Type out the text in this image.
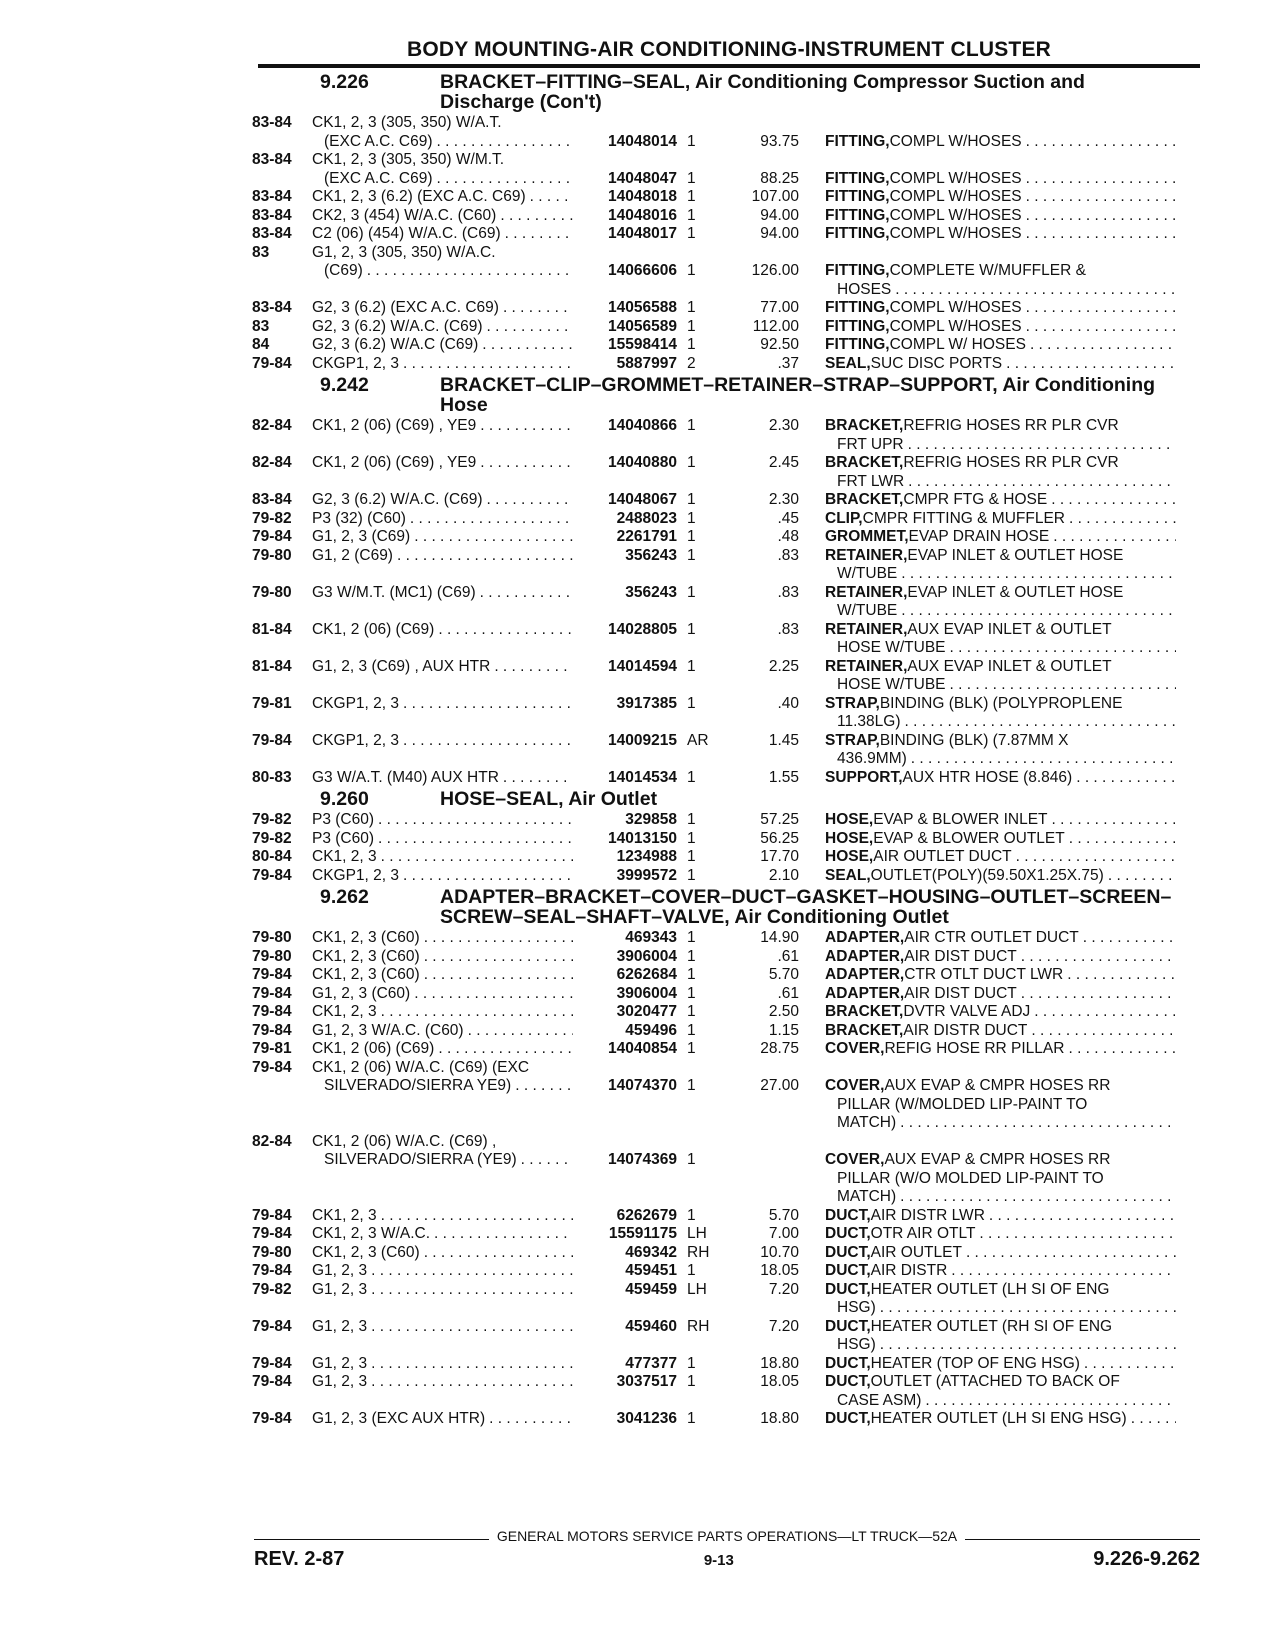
BODY MOUNTING-AIR CONDITIONING-INSTRUMENT CLUSTER
9.226	BRACKET–FITTING–SEAL, Air Conditioning Compressor Suction and Discharge (Con't)
83-84	CK1, 2, 3 (305, 350) W/A.T.
(EXC A.C. C69) . . .	14048014 1	93.75 FITTING, COMPL W/HOSES
. . .
83-84	CK1, 2, 3 (305, 350) W/M.T.
(EXC A.C. C69) . . .	14048047 1	88.25 FITTING, COMPL W/HOSES
. . .
83-84	CK1, 2, 3 (6.2) (EXC A.C. C69) . . .	14048018 1	107.00 FITTING, COMPL W/HOSES
. . .
83-84	CK2, 3 (454) W/A.C. (C60) . . .	14048016 1	94.00 FITTING, COMPL W/HOSES
. . .
83-84	C2 (06) (454) W/A.C. (C69) . . .	14048017 1	94.00 FITTING, COMPL W/HOSES
. . .
83	G1, 2, 3 (305, 350) W/A.C.
(C69) . . .	14066606 1	126.00 FITTING, COMPLETE W/MUFFLER &
HOSES
. . .
83-84	G2, 3 (6.2) (EXC A.C. C69) . . .	14056588 1	77.00 FITTING, COMPL W/HOSES
. . .
83	G2, 3 (6.2) W/A.C. (C69) . . .	14056589 1	112.00 FITTING, COMPL W/HOSES
. . .
84	G2, 3 (6.2) W/A.C (C69) . . .	15598414 1	92.50 FITTING, COMPL W/ HOSES
. . .
79-84	CKGP1, 2, 3 . . .	5887997 2	.37 SEAL, SUC DISC PORTS
. . .
9.242	BRACKET–CLIP–GROMMET–RETAINER–STRAP–SUPPORT, Air Conditioning Hose
82-84	CK1, 2 (06) (C69) , YE9 . . .	14040866 1	2.30 BRACKET, REFRIG HOSES RR PLR CVR
FRT UPR
. . .
82-84	CK1, 2 (06) (C69) , YE9 . . .	14040880 1	2.45 BRACKET, REFRIG HOSES RR PLR CVR
FRT LWR
. . .
83-84	G2, 3 (6.2) W/A.C. (C69) . . .	14048067 1	2.30 BRACKET, CMPR FTG & HOSE
. . .
79-82	P3 (32) (C60) . . .	2488023 1	.45 CLIP, CMPR FITTING & MUFFLER
. . .
79-84	G1, 2, 3 (C69) . . .	2261791 1	.48 GROMMET, EVAP DRAIN HOSE
. . .
79-80	G1, 2 (C69) . . .	356243 1	.83 RETAINER, EVAP INLET & OUTLET HOSE
W/TUBE
. . .
79-80	G3 W/M.T. (MC1) (C69) . . .	356243 1	.83 RETAINER, EVAP INLET & OUTLET HOSE
W/TUBE
. . .
81-84	CK1, 2 (06) (C69) . . .	14028805 1	.83 RETAINER, AUX EVAP INLET & OUTLET
HOSE W/TUBE
. . .
81-84	G1, 2, 3 (C69) , AUX HTR . . .	14014594 1	2.25 RETAINER, AUX EVAP INLET & OUTLET
HOSE W/TUBE
. . .
79-81	CKGP1, 2, 3 . . .	3917385 1	.40 STRAP, BINDING (BLK) (POLYPROPLENE
11.38LG)
. . .
79-84	CKGP1, 2, 3 . . .	14009215 AR	1.45 STRAP, BINDING (BLK) (7.87MM X
436.9MM)
. . .
80-83	G3 W/A.T. (M40) AUX HTR . . .	14014534 1	1.55 SUPPORT, AUX HTR HOSE (8.846)
. . .
9.260	HOSE–SEAL, Air Outlet
79-82	P3 (C60) . . .	329858 1	57.25 HOSE, EVAP & BLOWER INLET
. . .
79-82	P3 (C60) . . .	14013150 1	56.25 HOSE, EVAP & BLOWER OUTLET
. . .
80-84	CK1, 2, 3 . . .	1234988 1	17.70 HOSE, AIR OUTLET DUCT
. . .
79-84	CKGP1, 2, 3 . . .	3999572 1	2.10 SEAL, OUTLET(POLY)(59.50X1.25X.75)
. . .
9.262	ADAPTER–BRACKET–COVER–DUCT–GASKET–HOUSING–OUTLET–SCREEN–SCREW–SEAL–SHAFT–VALVE, Air Conditioning Outlet
79-80	CK1, 2, 3 (C60) . . .	469343 1	14.90 ADAPTER, AIR CTR OUTLET DUCT
. . .
79-80	CK1, 2, 3 (C60) . . .	3906004 1	.61 ADAPTER, AIR DIST DUCT
. . .
79-84	CK1, 2, 3 (C60) . . .	6262684 1	5.70 ADAPTER, CTR OTLT DUCT LWR
. . .
79-84	G1, 2, 3 (C60) . . .	3906004 1	.61 ADAPTER, AIR DIST DUCT
. . .
79-84	CK1, 2, 3 . . .	3020477 1	2.50 BRACKET, DVTR VALVE ADJ
. . .
79-84	G1, 2, 3 W/A.C. (C60) . . .	459496 1	1.15 BRACKET, AIR DISTR DUCT
. . .
79-81	CK1, 2 (06) (C69) . . .	14040854 1	28.75 COVER, REFIG HOSE RR PILLAR
. . .
79-84	CK1, 2 (06) W/A.C. (C69) (EXC
SILVERADO/SIERRA YE9) . . .	14074370 1	27.00 COVER, AUX EVAP & CMPR HOSES RR
PILLAR (W/MOLDED LIP-PAINT TO
MATCH)
. . .
82-84	CK1, 2 (06) W/A.C. (C69) ,
SILVERADO/SIERRA (YE9) . . .	14074369 1	COVER, AUX EVAP & CMPR HOSES RR
PILLAR (W/O MOLDED LIP-PAINT TO
MATCH)
. . .
79-84	CK1, 2, 3 . . .	6262679 1	5.70 DUCT, AIR DISTR LWR
. . .
79-84	CK1, 2, 3 W/A.C. . . .	15591175 LH	7.00 DUCT, OTR AIR OTLT
. . .
79-80	CK1, 2, 3 (C60) . . .	469342 RH	10.70 DUCT, AIR OUTLET
. . .
79-84	G1, 2, 3 . . .	459451 1	18.05 DUCT, AIR DISTR
. . .
79-82	G1, 2, 3 . . .	459459 LH	7.20 DUCT, HEATER OUTLET (LH SI OF ENG
HSG)
. . .
79-84	G1, 2, 3 . . .	459460 RH	7.20 DUCT, HEATER OUTLET (RH SI OF ENG
HSG)
. . .
79-84	G1, 2, 3 . . .	477377 1	18.80 DUCT, HEATER (TOP OF ENG HSG)
. . .
79-84	G1, 2, 3 . . .	3037517 1	18.05 DUCT, OUTLET (ATTACHED TO BACK OF
CASE ASM)
. . .
79-84	G1, 2, 3 (EXC AUX HTR) . . .	3041236 1	18.80 DUCT, HEATER OUTLET (LH SI ENG HSG)
. . .
GENERAL MOTORS SERVICE PARTS OPERATIONS—LT TRUCK—52A
REV. 2-87	9-13	9.226-9.262
